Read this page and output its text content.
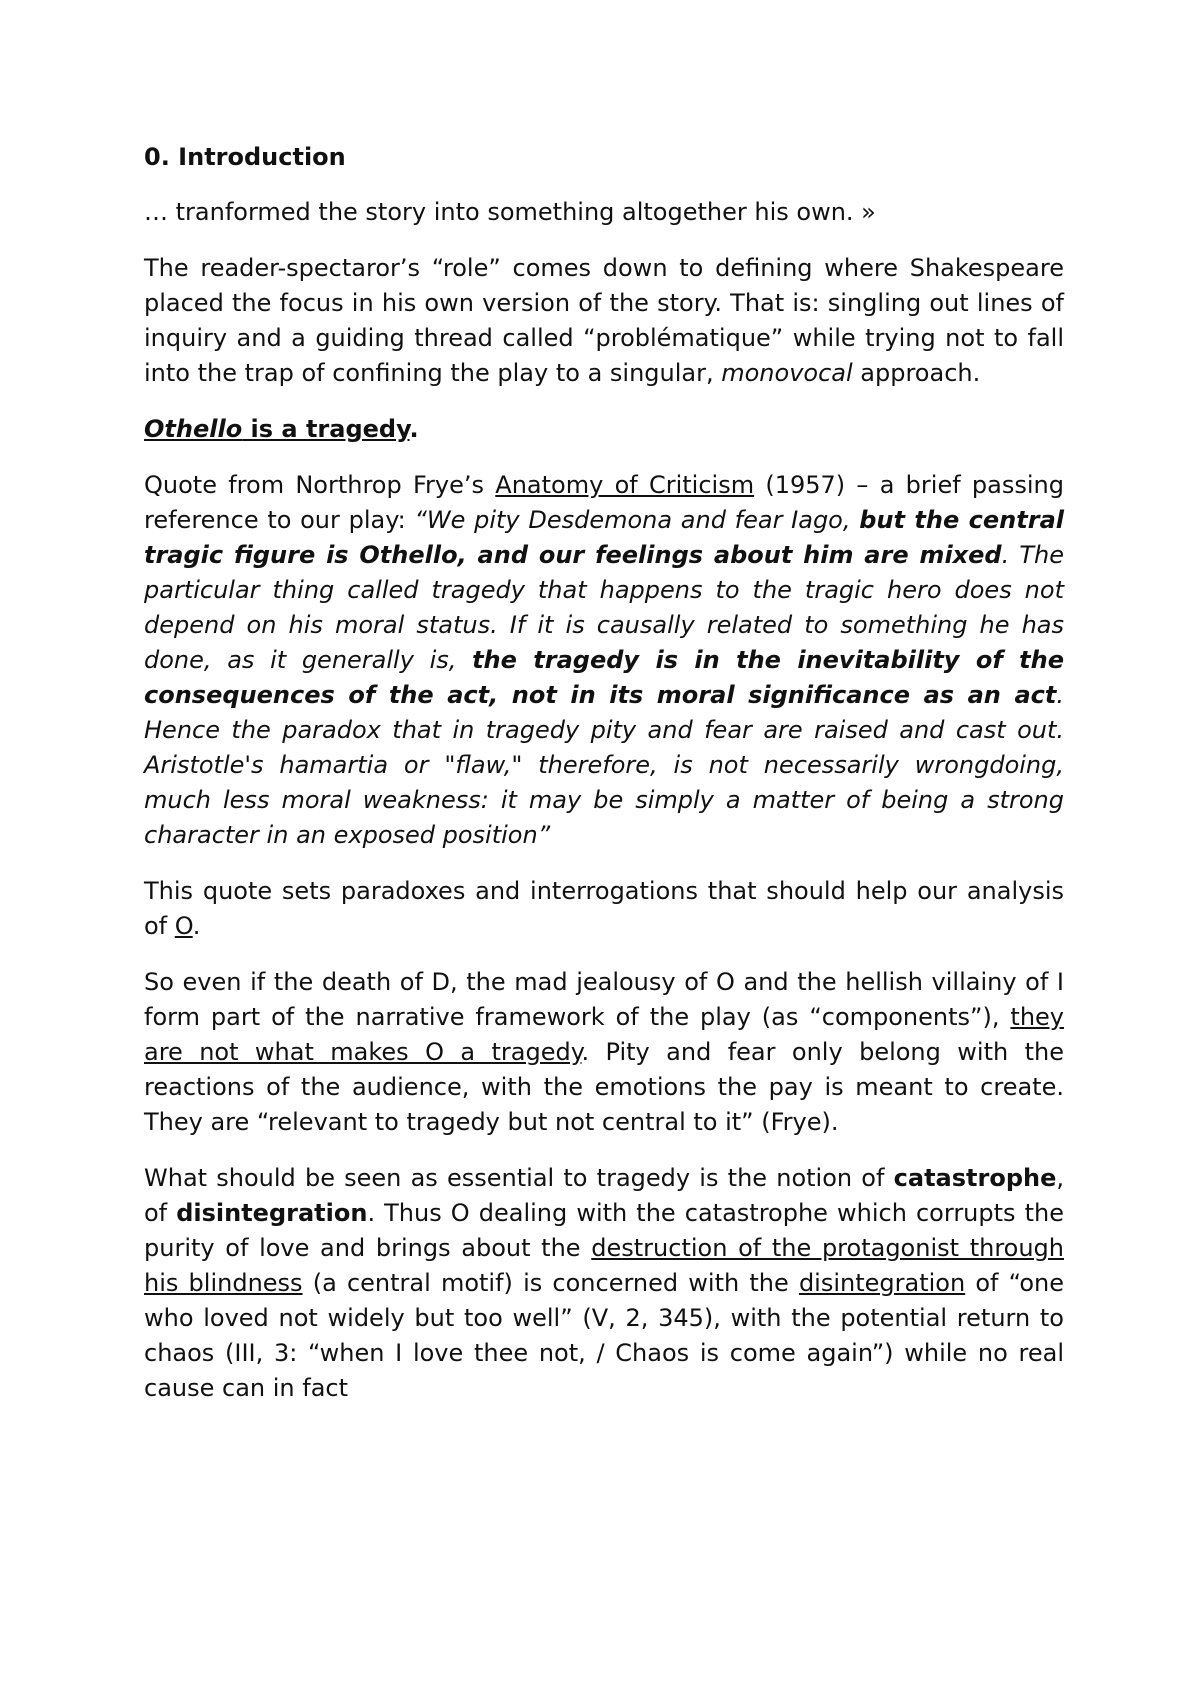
0. Introduction

… tranformed the story into something altogether his own. »

The reader-spectaror’s “role” comes down to defining where Shakespeare placed the focus in his own version of the story. That is: singling out lines of inquiry and a guiding thread called “problématique” while trying not to fall into the trap of confining the play to a singular, monovocal approach.

Othello is a tragedy.

Quote from Northrop Frye’s Anatomy of Criticism (1957) – a brief passing reference to our play: “We pity Desdemona and fear Iago, but the central tragic figure is Othello, and our feelings about him are mixed. The particular thing called tragedy that happens to the tragic hero does not depend on his moral status. If it is causally related to something he has done, as it generally is, the tragedy is in the inevitability of the consequences of the act, not in its moral significance as an act. Hence the paradox that in tragedy pity and fear are raised and cast out. Aristotle's hamartia or "flaw," therefore, is not necessarily wrongdoing, much less moral weakness: it may be simply a matter of being a strong character in an exposed position”

This quote sets paradoxes and interrogations that should help our analysis of O.

So even if the death of D, the mad jealousy of O and the hellish villainy of I form part of the narrative framework of the play (as “components”), they are not what makes O a tragedy. Pity and fear only belong with the reactions of the audience, with the emotions the pay is meant to create. They are “relevant to tragedy but not central to it” (Frye).

What should be seen as essential to tragedy is the notion of catastrophe, of disintegration. Thus O dealing with the catastrophe which corrupts the purity of love and brings about the destruction of the protagonist through his blindness (a central motif) is concerned with the disintegration of “one who loved not widely but too well” (V, 2, 345), with the potential return to chaos (III, 3: “when I love thee not, / Chaos is come again”) while no real cause can in fact
